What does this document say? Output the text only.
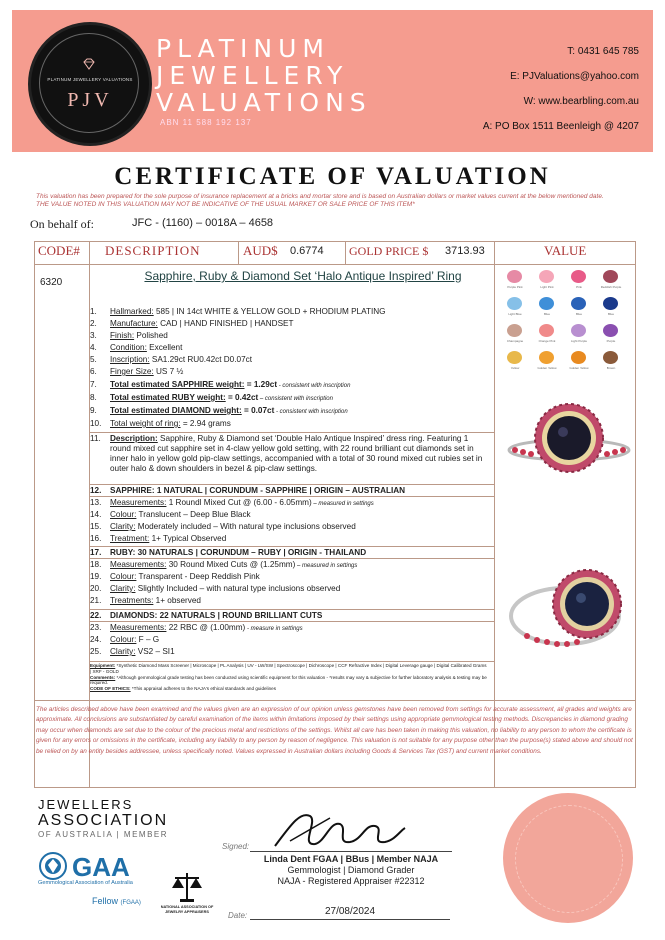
PLATINUM JEWELLERY VALUATIONS
PJV
PLATINUM
JEWELLERY
VALUATIONS
ABN 11 588 192 137
T: 0431 645 785
E: PJValuations@yahoo.com
W: www.bearbling.com.au
A: PO Box 1511 Beenleigh @ 4207
CERTIFICATE OF VALUATION
This valuation has been prepared for the sole purpose of insurance replacement at a bricks and mortar store and is based on Australian dollars or market values current at the below mentioned date.
THE VALUE NOTED IN THIS VALUATION MAY NOT BE INDICATIVE OF THE USUAL MARKET OR SALE PRICE OF THIS ITEM*
On behalf of:	JFC - (1160) – 0018A – 4658
CODE# DESCRIPTION	AUD$ 0.6774 GOLD PRICE $ 3713.93	VALUE
6320	Sapphire, Ruby & Diamond Set ‘Halo Antique Inspired’ Ring
1. Hallmarked: 585 | IN 14ct WHITE & YELLOW GOLD + RHODIUM PLATING
2. Manufacture: CAD | HAND FINISHED | HANDSET
3. Finish: Polished
4. Condition: Excellent
5. Inscription: SA1.29ct RU0.42ct D0.07ct
6. Finger Size: US 7 ½
7. Total estimated SAPPHIRE weight: = 1.29ct - consistent with inscription
8. Total estimated RUBY weight: = 0.42ct – consistent with inscription
9. Total estimated DIAMOND weight: = 0.07ct - consistent with inscription
10. Total weight of ring: = 2.94 grams
11. Description: Sapphire, Ruby & Diamond set ‘Double Halo Antique Inspired’ dress ring. Featuring 1 round mixed cut sapphire set in 4-claw yellow gold setting, with 22 round brilliant cut diamonds set in inner halo in yellow gold pip-claw settings, accompanied with a total of 30 round mixed cut rubies set in outer halo & down shoulders in bezel & pip-claw settings.
12. SAPPHIRE: 1 NATURAL | CORUNDUM - SAPPHIRE | ORIGIN – AUSTRALIAN
13. Measurements: 1 Roundl Mixed Cut @ (6.00 - 6.05mm) – measured in settings
14. Colour: Translucent – Deep Blue Black
15. Clarity: Moderately included – With natural type inclusions observed
16. Treatment: 1+ Typical Observed
17. RUBY: 30 NATURALS | CORUNDUM – RUBY | ORIGIN - THAILAND
18. Measurements: 30 Round Mixed Cuts @ (1.25mm) – measured in settings
19. Colour: Transparent - Deep Reddish Pink
20. Clarity: Slightly Included – with natural type inclusions observed
21. Treatments: 1+ observed
22. DIAMONDS: 22 NATURALS | ROUND BRILLIANT CUTS
23. Measurements: 22 RBC @ (1.00mm) - measure in settings
24. Colour: F – G
25. Clarity: VS2 – SI1
Equipment: *Synthetic Diamond Mass Screener | Microscope | PL Analysis | UV - LW/SW | Spectroscope | Dichroscope | CCF Refractive Index | Digital Leverage gauge | Digital Calibrated Grams | XRF - GOLD
Comments: *Although gemmological grade testing has been conducted using scientific equipment for this valuation - *results may vary & subjective for further laboratory analysis & testing may be required.
CODE OF ETHICS: *This appraisal adheres to the NAJA's ethical standards and guidelines
The articles described above have been examined and the values given are an expression of our opinion unless gemstones have been removed from settings for accurate assessment, all grades and weights are approximate. All conclusions are substantiated by careful examination of the items within limitations imposed by their settings using appropriate gemmological testing methods. Discrepancies in diamond grading may occur when diamonds are set due to the colour of the precious metal and restrictions of the settings. Whilst all care has been taken in making this valuation, no liability to any person to whom the certificate is given for any errors or omissions in the certificate, including any liability to any person by reason of negligence. This valuation is not suitable for any purpose other than the purpose(s) stated above and should not be relied on by an entity besides addressee, unless specifically noted. Values expressed in Australian dollars including Goods & Services Tax (GST) and current market conditions.
Purple Pink	Light Pink	Pink	Reddish Purple
Light Blue	Blue	Blue	Blue
Champagne	Orange Pink	Light Purple	Purple
Yellow	Golden Yellow	Golden Yellow	Brown
JEWELLERS
ASSOCIATION
OF AUSTRALIA | MEMBER
GAA
Gemmological Association of Australia
Fellow (FGAA)
NATIONAL ASSOCIATION OF JEWELRY APPRAISERS
Signed:
Linda Dent FGAA | BBus | Member NAJA
Gemmologist | Diamond Grader
NAJA - Registered Appraiser #22312
Date:	27/08/2024
